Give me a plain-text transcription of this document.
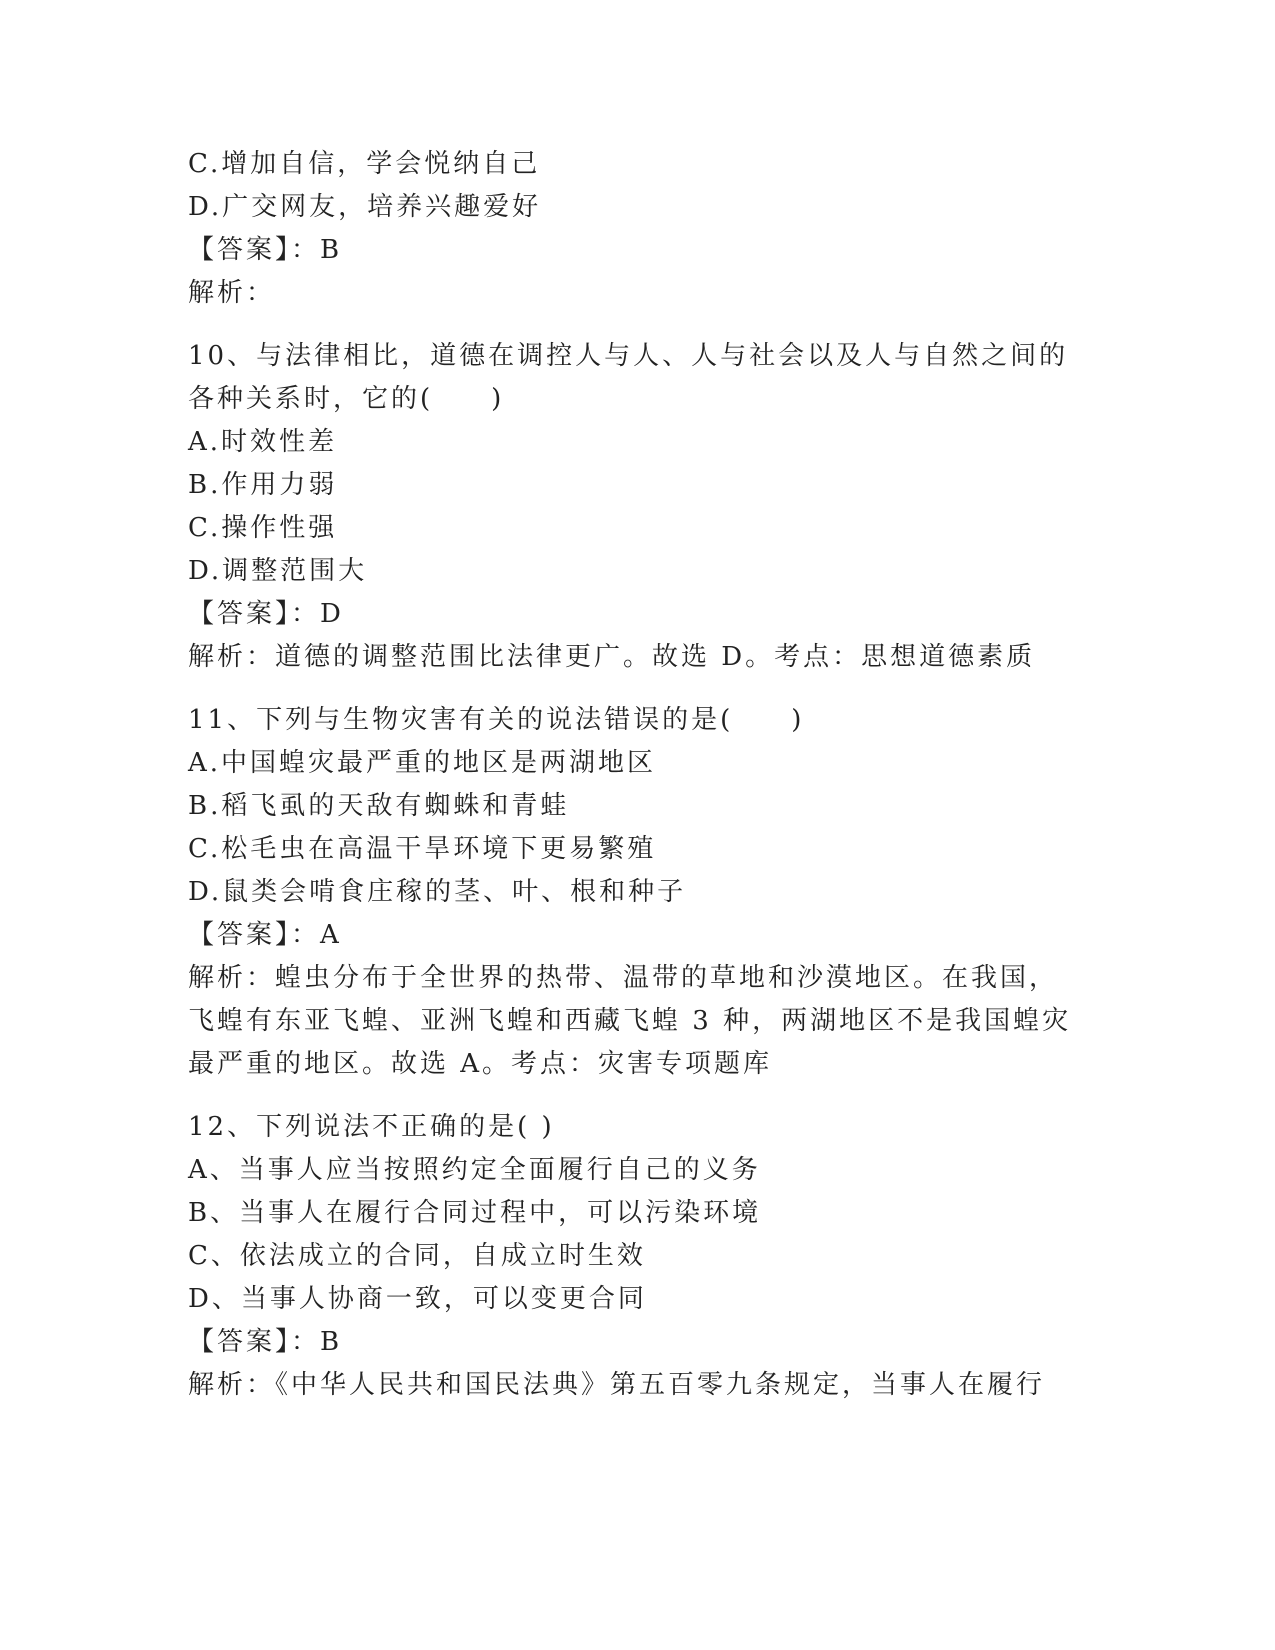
C.增加自信，学会悦纳自己
D.广交网友，培养兴趣爱好
【答案】：B
解析：
10、与法律相比，道德在调控人与人、人与社会以及人与自然之间的
各种关系时，它的(　　)
A.时效性差
B.作用力弱
C.操作性强
D.调整范围大
【答案】：D
解析：道德的调整范围比法律更广。故选 D。考点：思想道德素质
11、下列与生物灾害有关的说法错误的是(　　)
A.中国蝗灾最严重的地区是两湖地区
B.稻飞虱的天敌有蜘蛛和青蛙
C.松毛虫在高温干旱环境下更易繁殖
D.鼠类会啃食庄稼的茎、叶、根和种子
【答案】：A
解析：蝗虫分布于全世界的热带、温带的草地和沙漠地区。在我国，
飞蝗有东亚飞蝗、亚洲飞蝗和西藏飞蝗 3 种，两湖地区不是我国蝗灾
最严重的地区。故选 A。考点：灾害专项题库
12、下列说法不正确的是( )
A、当事人应当按照约定全面履行自己的义务
B、当事人在履行合同过程中，可以污染环境
C、依法成立的合同，自成立时生效
D、当事人协商一致，可以变更合同
【答案】：B
解析：《中华人民共和国民法典》第五百零九条规定，当事人在履行
